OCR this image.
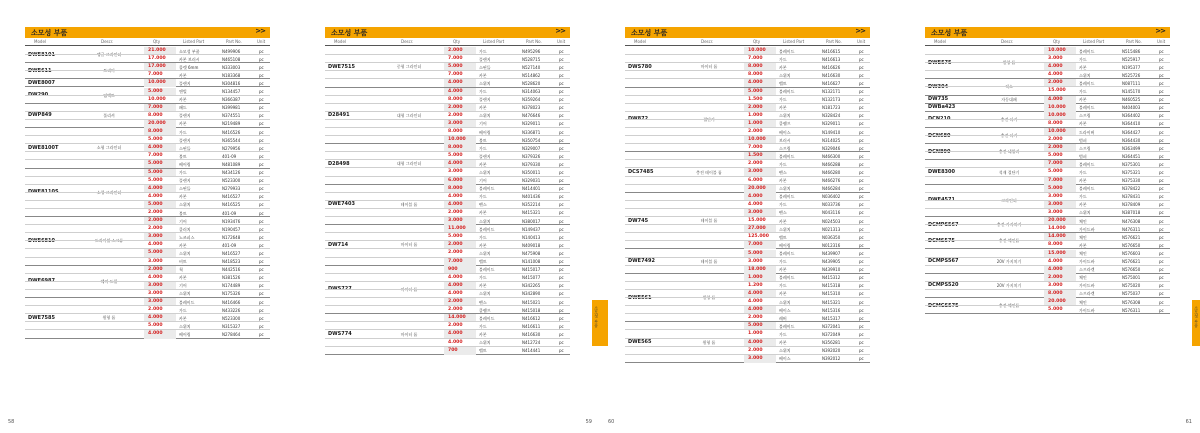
소모성 부품	>>
Model	Descr.	Qty	Listed Part	Part No.	Unit
DWE8101	앵글 그라인더
21.000	소모성 부품	N499906	pc
17.000	카본 브러시	N465108	pc
DWE611	트리머
17.000	콜렛 6mm	N333003	pc
7.000	카본	N183368	pc
DWE8007	10.000	플랜지	N304816	pc
DW290	임팩트
5.000	앤빌	N134457	pc
10.000	카본	N366387	pc
DWP849	폴리셔
7.000	패드	N399981	pc
8.000	플랜지	N374551	pc
20.000	카본	N219489	pc
DWE8100T	소형 그라인더
8.000	가드	N416526	pc
5.000	플랜지	N365544	pc
4.000	스핀들	N279956	pc
7.000	볼트	401-09	pc
5.000	베어링	N481089	pc
DWE8110S	소형 그라인더
5.000	가드	N434126	pc
5.000	플랜지	N523300	pc
4.000	스핀들	N279933	pc
4.000	카본	N416527	pc
5.000	스위치	N416525	pc
2.000	볼트	401-09	pc
DWE6810	드라이월 스크류
2.000	기어	N193476	pc
2.000	클러치	N190457	pc
3.000	노즈피스	N172648	pc
4.000	카본	401-09	pc
5.000	스위치	N416527	pc
3.000	비트	N418523	pc
DWE6987	해머 드릴
2.000	척	N442516	pc
4.000	카본	N381526	pc
3.000	기어	N174489	pc
3.000	스위치	N175326	pc
DWE7585	원형 톱
3.000	블레이드	N416466	pc
2.000	가드	N433226	pc
4.000	카본	N523300	pc
5.000	스위치	N315327	pc
4.000	베어링	N278464	pc
58
소모성 부품	>>
Model	Descr.	Qty	Listed Part	Part No.	Unit
DWE7515	중형 그라인더
2.000	가드	N495296	pc
7.000	플랜지	N528715	pc
5.000	스핀들	N527140	pc
7.000	카본	N514862	pc
4.000	스위치	N528620	pc
D28491	대형 그라인더
4.000	가드	N314063	pc
8.000	플랜지	N359264	pc
2.000	카본	N378023	pc
2.000	스위치	N476646	pc
3.000	기어	N329011	pc
8.000	베어링	N336871	pc
10.000	볼트	N350754	pc
D28498	대형 그라인더
8.000	가드	N329007	pc
5.000	플랜지	N379326	pc
4.000	카본	N379330	pc
3.000	스위치	N350011	pc
6.000	기어	N329031	pc
DWE7403	테이블 톱
8.000	블레이드	N414401	pc
4.000	가드	N401436	pc
4.000	펜스	N352214	pc
2.000	카본	N415321	pc
3.000	스위치	N380017	pc
DW714	마이터 톱
11.000	블레이드	N149437	pc
5.000	가드	N140413	pc
2.000	카본	N409018	pc
2.000	스위치	N475908	pc
7.000	벨트	N141008	pc
DWS727	마이터 톱
900	블레이드	N415017	pc
4.000	가드	N415077	pc
4.000	카본	N342265	pc
4.000	스위치	N342890	pc
2.000	펜스	N415021	pc
2.000	클램프	N415018	pc
DWS774	마이터 톱
14.000	블레이드	N416612	pc
2.000	가드	N416611	pc
4.000	카본	N416630	pc
4.000	스위치	N412724	pc
700	벨트	N414441	pc
59
소모성 부품
소모성 부품	>>
Model	Descr.	Qty	Listed Part	Part No.	Unit
DWS780	마이터 톱
10.000	블레이드	N416615	pc
7.000	가드	N416613	pc
8.000	카본	N416626	pc
8.000	스위치	N416630	pc
4.000	벨트	N416627	pc
DW872	절단기
5.000	블레이드	N132171	pc
1.500	가드	N132173	pc
2.000	카본	N181723	pc
1.000	스위치	N328424	pc
1.000	클램프	N329011	pc
2.000	베이스	N149410	pc
10.000	브러시	N314025	pc
7.000	스프링	N329046	pc
DCS7485	충전 테이블 톱
1.500	블레이드	N466300	pc
2.000	가드	N466288	pc
3.000	펜스	N466280	pc
6.000	카본	N466276	pc
20.000	스위치	N466284	pc
DW745	테이블 톱
4.000	블레이드	N036402	pc
4.000	가드	N033736	pc
3.000	펜스	N043116	pc
15.000	카본	N024503	pc
27.000	스위치	N021313	pc
125.000	벨트	N036350	pc
7.000	베어링	N012316	pc
DWE7492	테이블 톱
5.000	블레이드	N439907	pc
3.000	가드	N439905	pc
18.000	카본	N439910	pc
DWE561	원형 톱
1.000	블레이드	N415312	pc
1.200	가드	N415318	pc
4.000	카본	N415310	pc
4.000	스위치	N415321	pc
4.000	베이스	N415316	pc
2.000	레버	N415317	pc
DWE565	원형 톱
5.000	블레이드	N372041	pc
1.000	가드	N372049	pc
4.000	카본	N356281	pc
2.000	스위치	N392020	pc
3.000	베이스	N392012	pc
60
소모성 부품	>>
Model	Descr.	Qty	Listed Part	Part No.	Unit
DWE575	원형 톱
10.000	블레이드	N515486	pc
3.000	가드	N525917	pc
4.000	카본	N195377	pc
4.000	스위치	N525726	pc
DW304	직소
2.000	블레이드	N087111	pc
15.000	가드	N145170	pc
DW735	자동대패	4.000	카본	N460525	pc
DWBa423	10.000	블레이드	N404003	pc
DCN210	충전 타카
10.000	스프링	N364402	pc
8.000	카본	N364410	pc
DCN680	충전 타카
10.000	드라이버	N364427	pc
2.000	범퍼	N364430	pc
DCN890	충전 네일러
2.000	스프링	N363499	pc
5.000	범퍼	N364451	pc
DWE8300	석재 절단기
7.000	블레이드	N375301	pc
5.000	가드	N375321	pc
7.000	카본	N375330	pc
DWE4571	그라인더
5.000	블레이드	N378422	pc
3.000	가드	N378431	pc
3.000	카본	N378409	pc
3.000	스위치	N387018	pc
DCMPS567	충전 가지치기
20.000	체인	N476308	pc
14.000	가이드바	N476311	pc
DCMS575	충전 체인톱
14.000	체인	N576621	pc
8.000	카본	N576650	pc
DCMPS567	20V 가지치기
15.000	체인	N576603	pc
4.000	가이드바	N576621	pc
4.000	스프라켓	N576650	pc
DCMPS520	20V 가지치기
2.000	체인	N575001	pc
3.000	가이드바	N575020	pc
8.000	스프라켓	N575037	pc
DCMCS575	충전 체인톱
20.000	체인	N576308	pc
5.000	가이드바	N576311	pc
61
소모성 부품
